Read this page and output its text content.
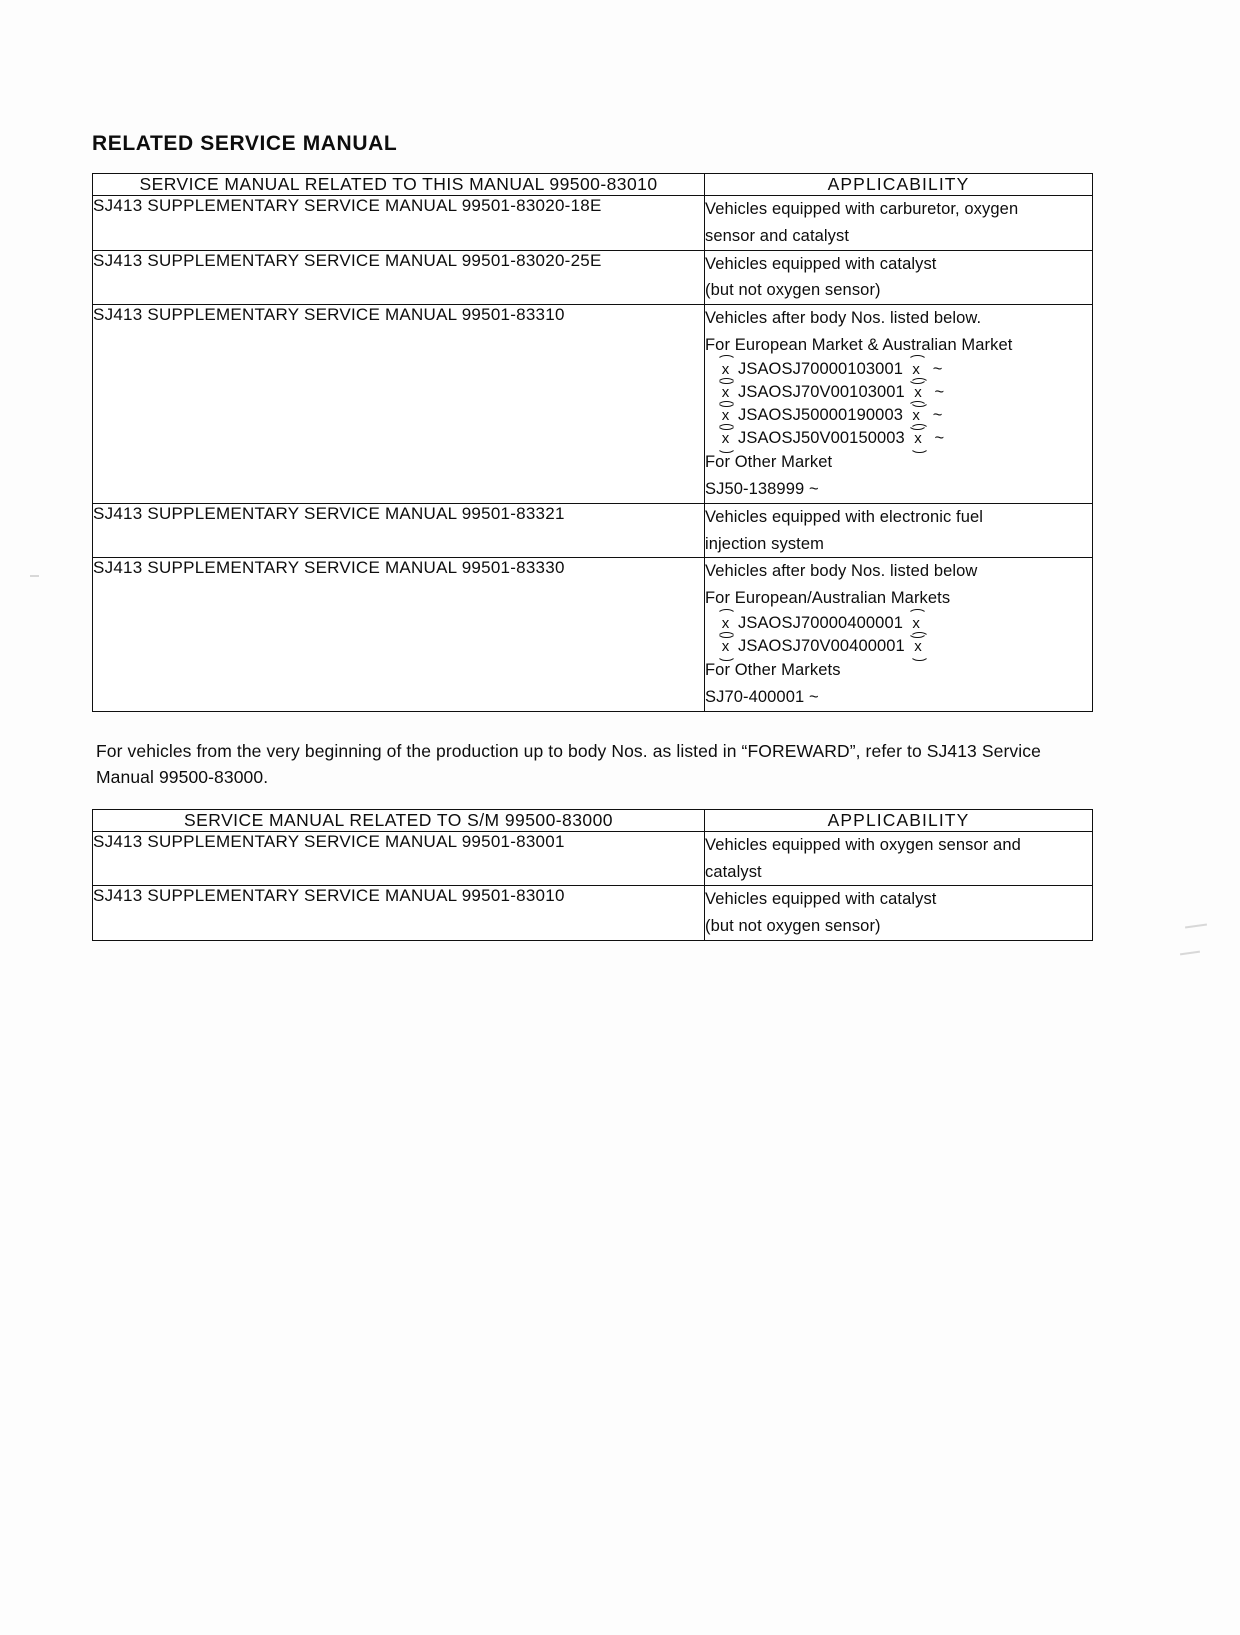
RELATED SERVICE MANUAL
SERVICE MANUAL RELATED TO THIS MANUAL 99500-83010	APPLICABILITY
SJ413 SUPPLEMENTARY SERVICE MANUAL 99501-83020-18E	Vehicles equipped with carburetor, oxygen
sensor and catalyst

SJ413 SUPPLEMENTARY SERVICE MANUAL 99501-83020-25E	Vehicles equipped with catalyst
(but not oxygen sensor)

SJ413 SUPPLEMENTARY SERVICE MANUAL 99501-83310	Vehicles after body Nos. listed below.
For European Market & Australian Market
x JSAOSJ70000103001 x ~
x JSAOSJ70V00103001 x ~
x JSAOSJ50000190003 x ~
x JSAOSJ50V00150003 x ~
For Other Market
SJ50-138999 ~

SJ413 SUPPLEMENTARY SERVICE MANUAL 99501-83321	Vehicles equipped with electronic fuel
injection system

SJ413 SUPPLEMENTARY SERVICE MANUAL 99501-83330	Vehicles after body Nos. listed below
For European/Australian Markets
x JSAOSJ70000400001 x
x JSAOSJ70V00400001 x
For Other Markets
SJ70-400001 ~

For vehicles from the very beginning of the production up to body Nos. as listed in “FOREWARD”, refer to SJ413 Service Manual 99500-83000.

SERVICE MANUAL RELATED TO S/M 99500-83000	APPLICABILITY
SJ413 SUPPLEMENTARY SERVICE MANUAL 99501-83001	Vehicles equipped with oxygen sensor and
catalyst

SJ413 SUPPLEMENTARY SERVICE MANUAL 99501-83010	Vehicles equipped with catalyst
(but not oxygen sensor)
